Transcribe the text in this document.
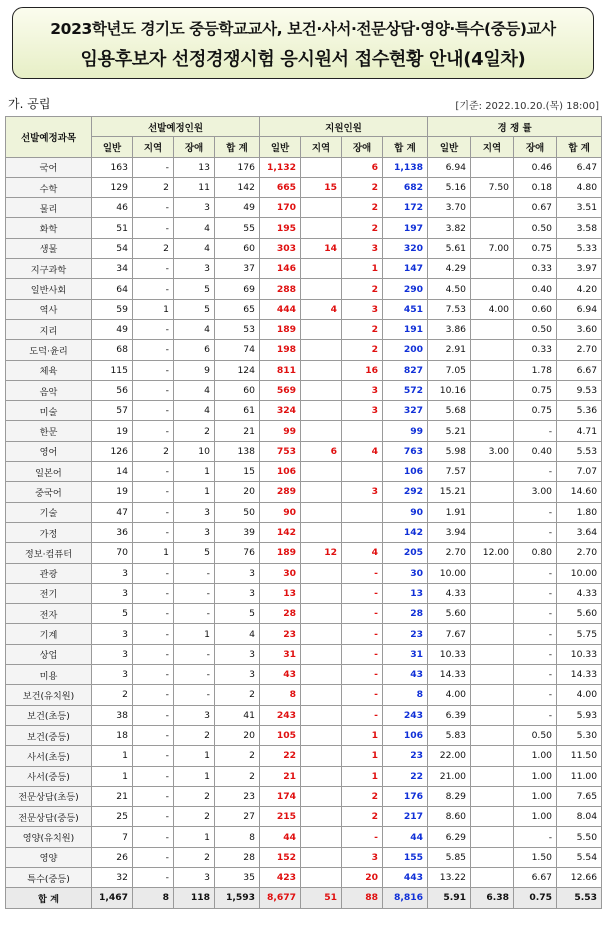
2023학년도 경기도 중등학교교사, 보건·사서·전문상담·영양·특수(중등)교사
임용후보자 선정경쟁시험 응시원서 접수현황 안내(4일차)
가. 공립	[기준: 2022.10.20.(목) 18:00]
선발예정과목	선발예정인원				지원인원				경 쟁 률			
	일반	지역	장애	합 계	일반	지역	장애	합 계	일반	지역	장애	합 계
국어	163	-	13	176	1,132		6	1,138	6.94		0.46	6.47
수학	129	2	11	142	665	15	2	682	5.16	7.50	0.18	4.80
물리	46	-	3	49	170		2	172	3.70		0.67	3.51
화학	51	-	4	55	195		2	197	3.82		0.50	3.58
생물	54	2	4	60	303	14	3	320	5.61	7.00	0.75	5.33
지구과학	34	-	3	37	146		1	147	4.29		0.33	3.97
일반사회	64	-	5	69	288		2	290	4.50		0.40	4.20
역사	59	1	5	65	444	4	3	451	7.53	4.00	0.60	6.94
지리	49	-	4	53	189		2	191	3.86		0.50	3.60
도덕·윤리	68	-	6	74	198		2	200	2.91		0.33	2.70
체육	115	-	9	124	811		16	827	7.05		1.78	6.67
음악	56	-	4	60	569		3	572	10.16		0.75	9.53
미술	57	-	4	61	324		3	327	5.68		0.75	5.36
한문	19	-	2	21	99			99	5.21		-	4.71
영어	126	2	10	138	753	6	4	763	5.98	3.00	0.40	5.53
일본어	14	-	1	15	106			106	7.57		-	7.07
중국어	19	-	1	20	289		3	292	15.21		3.00	14.60
기술	47	-	3	50	90			90	1.91		-	1.80
가정	36	-	3	39	142			142	3.94		-	3.64
정보·컴퓨터	70	1	5	76	189	12	4	205	2.70	12.00	0.80	2.70
관광	3	-	-	3	30		-	30	10.00		-	10.00
전기	3	-	-	3	13		-	13	4.33		-	4.33
전자	5	-	-	5	28		-	28	5.60		-	5.60
기계	3	-	1	4	23		-	23	7.67		-	5.75
상업	3	-	-	3	31		-	31	10.33		-	10.33
미용	3	-	-	3	43		-	43	14.33		-	14.33
보건(유치원)	2	-	-	2	8		-	8	4.00		-	4.00
보건(초등)	38	-	3	41	243		-	243	6.39		-	5.93
보건(중등)	18	-	2	20	105		1	106	5.83		0.50	5.30
사서(초등)	1	-	1	2	22		1	23	22.00		1.00	11.50
사서(중등)	1	-	1	2	21		1	22	21.00		1.00	11.00
전문상담(초등)	21	-	2	23	174		2	176	8.29		1.00	7.65
전문상담(중등)	25	-	2	27	215		2	217	8.60		1.00	8.04
영양(유치원)	7	-	1	8	44		-	44	6.29		-	5.50
영양	26	-	2	28	152		3	155	5.85		1.50	5.54
특수(중등)	32	-	3	35	423		20	443	13.22		6.67	12.66
합 계	1,467	8	118	1,593	8,677	51	88	8,816	5.91	6.38	0.75	5.53
